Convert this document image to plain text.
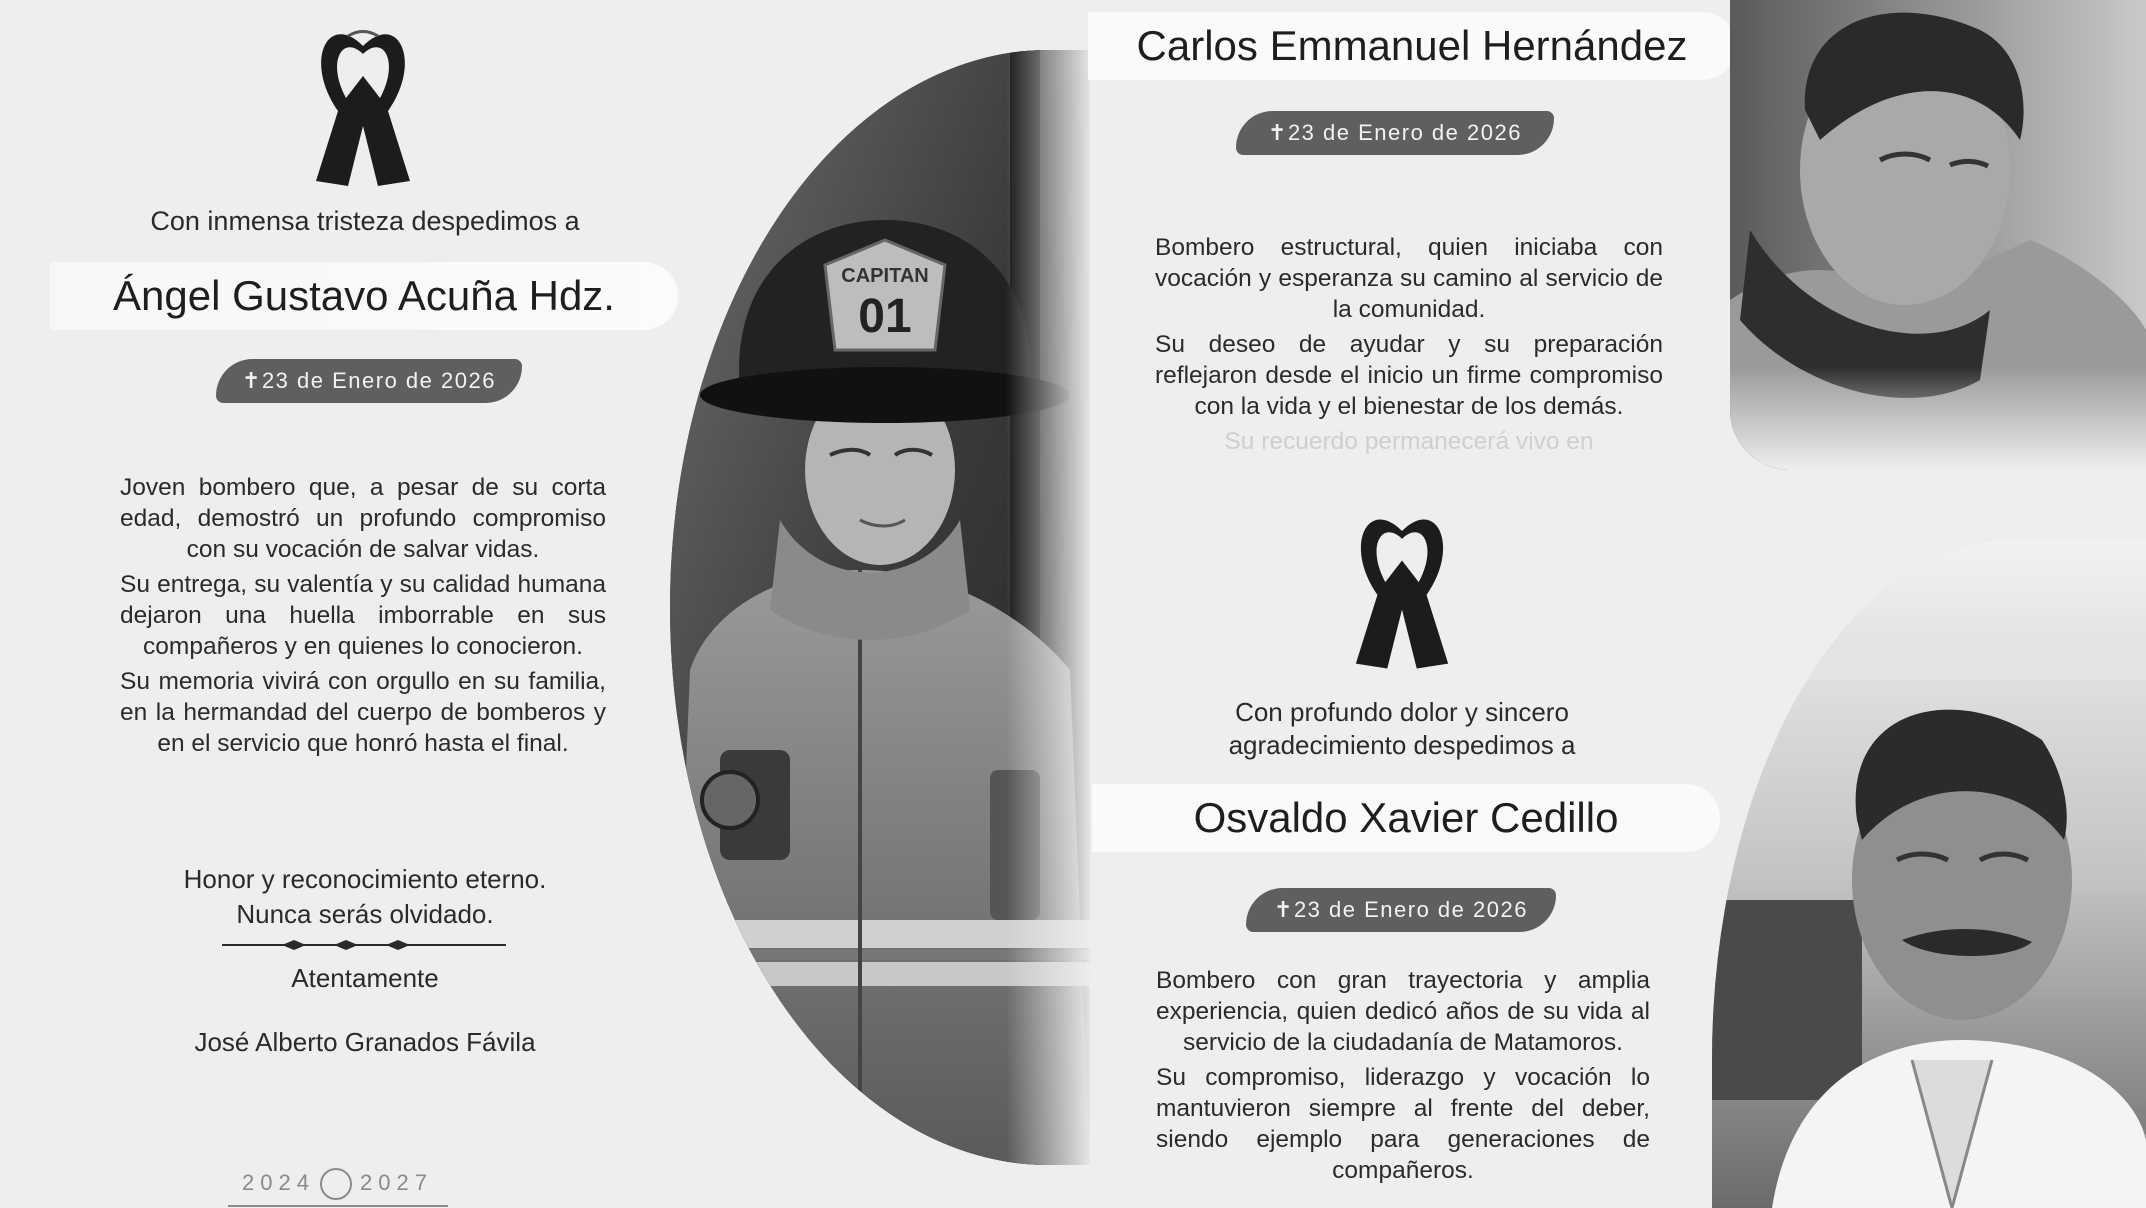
Con inmensa tristeza despedimos a
Ángel Gustavo Acuña Hdz.
✝23 de Enero de 2026

Joven bombero que, a pesar de su corta edad, demostró un profundo compromiso con su vocación de salvar vidas.

Su entrega, su valentía y su calidad humana dejaron una huella imborrable en sus compañeros y en quienes lo conocieron.

Su memoria vivirá con orgullo en su familia, en la hermandad del cuerpo de bomberos y en el servicio que honró hasta el final.

Honor y reconocimiento eterno.
Nunca serás olvidado.
Atentamente
José Alberto Granados Fávila
2024 2027
Carlos Emmanuel Hernández
✝23 de Enero de 2026

Bombero estructural, quien iniciaba con vocación y esperanza su camino al servicio de la comunidad.

Su deseo de ayudar y su preparación reflejaron desde el inicio un firme compromiso con la vida y el bienestar de los demás.

Su recuerdo permanecerá vivo en

Con profundo dolor y sincero agradecimiento despedimos a
Osvaldo Xavier Cedillo
✝23 de Enero de 2026

Bombero con gran trayectoria y amplia experiencia, quien dedicó años de su vida al servicio de la ciudadanía de Matamoros.

Su compromiso, liderazgo y vocación lo mantuvieron siempre al frente del deber, siendo ejemplo para generaciones de compañeros.
